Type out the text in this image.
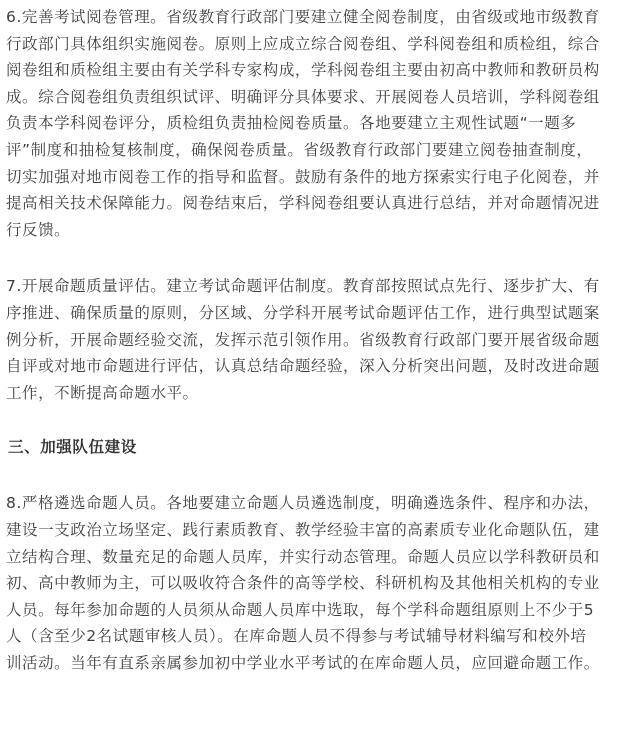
6.完善考试阅卷管理。省级教育行政部门要建立健全阅卷制度，由省级或地市级教育
行政部门具体组织实施阅卷。原则上应成立综合阅卷组、学科阅卷组和质检组，综合
阅卷组和质检组主要由有关学科专家构成，学科阅卷组主要由初高中教师和教研员构
成。综合阅卷组负责组织试评、明确评分具体要求、开展阅卷人员培训，学科阅卷组
负责本学科阅卷评分，质检组负责抽检阅卷质量。各地要建立主观性试题“一题多
评”制度和抽检复核制度，确保阅卷质量。省级教育行政部门要建立阅卷抽查制度，
切实加强对地市阅卷工作的指导和监督。鼓励有条件的地方探索实行电子化阅卷，并
提高相关技术保障能力。阅卷结束后，学科阅卷组要认真进行总结，并对命题情况进
行反馈。
7.开展命题质量评估。建立考试命题评估制度。教育部按照试点先行、逐步扩大、有
序推进、确保质量的原则，分区域、分学科开展考试命题评估工作，进行典型试题案
例分析，开展命题经验交流，发挥示范引领作用。省级教育行政部门要开展省级命题
自评或对地市命题进行评估，认真总结命题经验，深入分析突出问题，及时改进命题
工作，不断提高命题水平。
三、加强队伍建设
8.严格遴选命题人员。各地要建立命题人员遴选制度，明确遴选条件、程序和办法，
建设一支政治立场坚定、践行素质教育、教学经验丰富的高素质专业化命题队伍，建
立结构合理、数量充足的命题人员库，并实行动态管理。命题人员应以学科教研员和
初、高中教师为主，可以吸收符合条件的高等学校、科研机构及其他相关机构的专业
人员。每年参加命题的人员须从命题人员库中选取，每个学科命题组原则上不少于5
人（含至少2名试题审核人员）。在库命题人员不得参与考试辅导材料编写和校外培
训活动。当年有直系亲属参加初中学业水平考试的在库命题人员，应回避命题工作。
